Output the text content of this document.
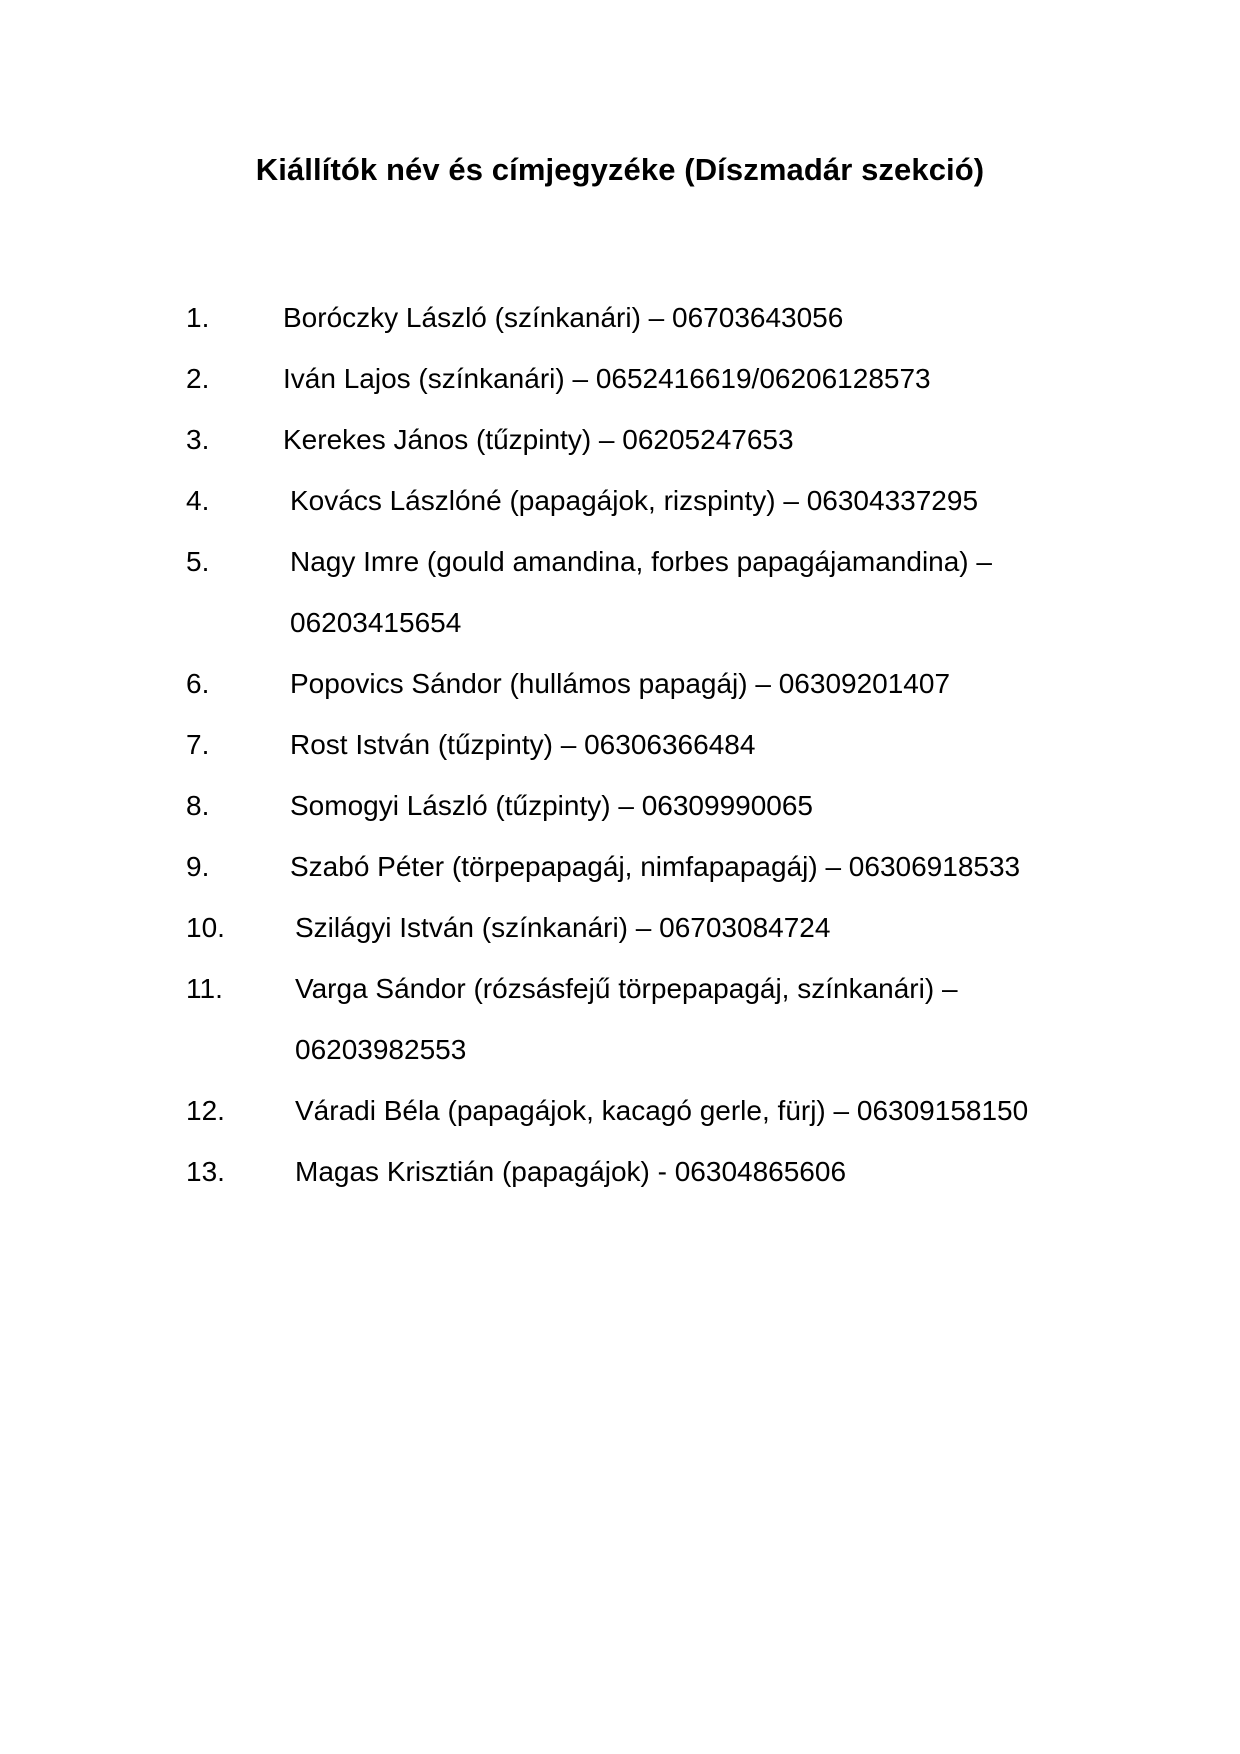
Kiállítók név és címjegyzéke (Díszmadár szekció)
1.	Boróczky László (színkanári) – 06703643056
2.	Iván Lajos (színkanári) – 0652416619/06206128573
3.	Kerekes János (tűzpinty) – 06205247653
4.	Kovács Lászlóné (papagájok, rizspinty) – 06304337295
5.	Nagy Imre (gould amandina, forbes papagájamandina) –
06203415654
6.	Popovics Sándor (hullámos papagáj) – 06309201407
7.	Rost István (tűzpinty) – 06306366484
8.	Somogyi László (tűzpinty) – 06309990065
9.	Szabó Péter (törpepapagáj, nimfapapagáj) – 06306918533
10.	Szilágyi István (színkanári) – 06703084724
11.	Varga Sándor (rózsásfejű törpepapagáj, színkanári) –
06203982553
12.	Váradi Béla (papagájok, kacagó gerle, fürj) – 06309158150
13.	Magas Krisztián (papagájok) - 06304865606
